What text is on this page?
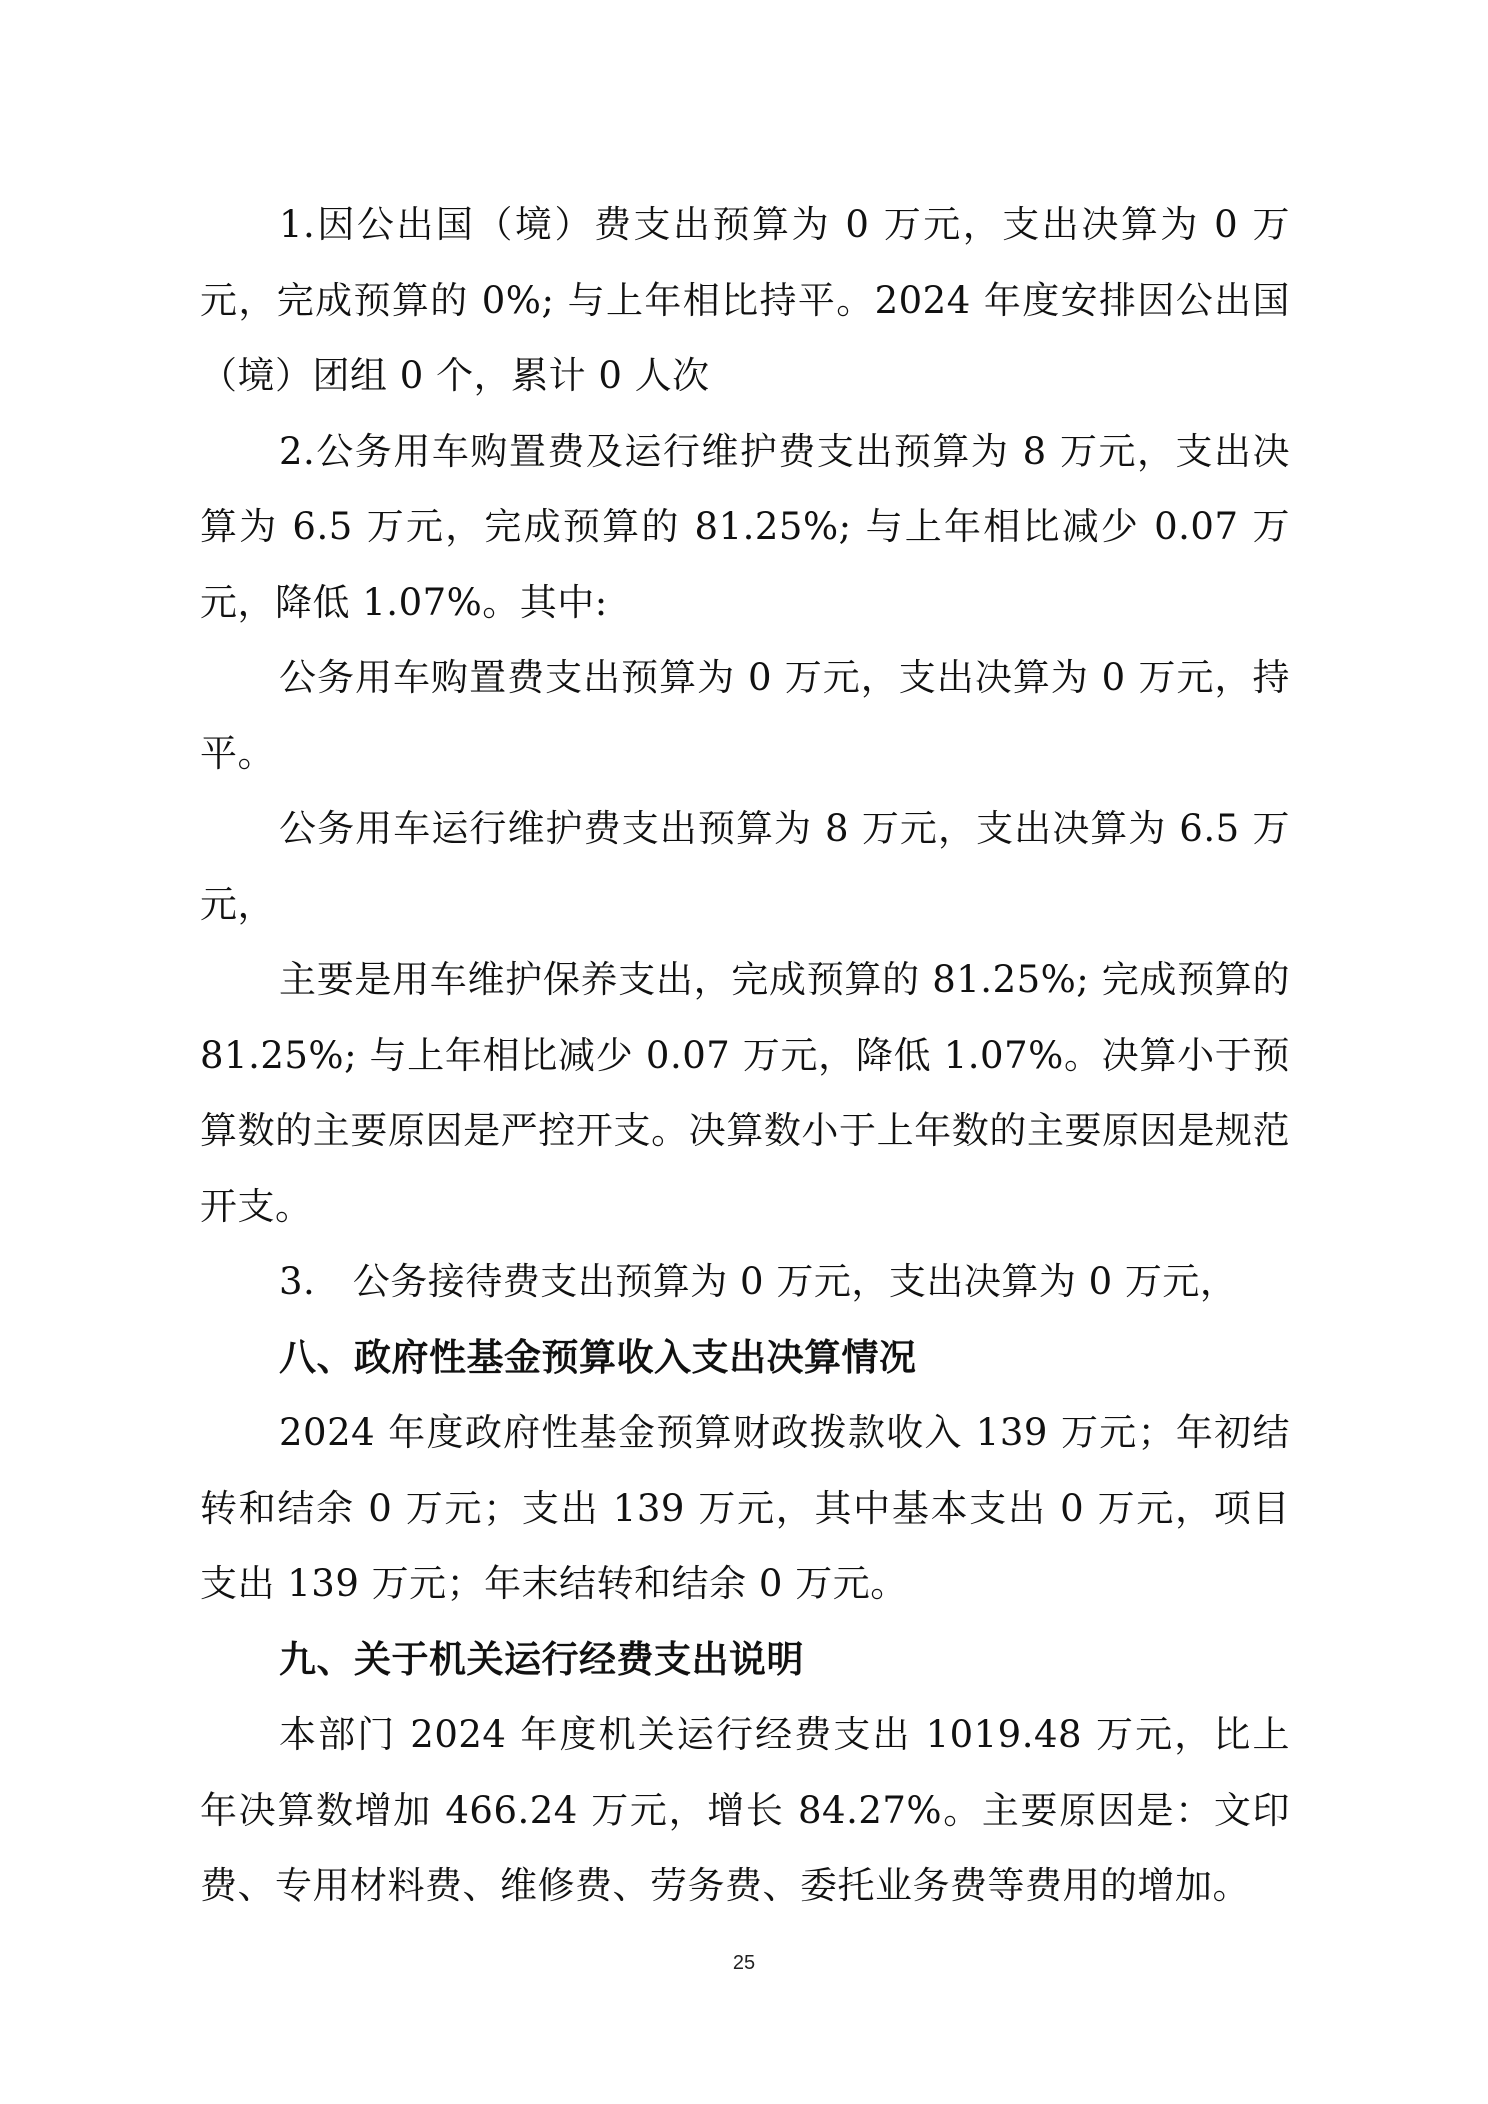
1.因公出国（境）费支出预算为 0 万元，支出决算为 0 万元，完成预算的 0%; 与上年相比持平。2024 年度安排因公出国（境）团组 0 个，累计 0 人次

2.公务用车购置费及运行维护费支出预算为 8 万元，支出决算为 6.5 万元，完成预算的 81.25%; 与上年相比减少 0.07 万元，降低 1.07%。其中:

公务用车购置费支出预算为 0 万元，支出决算为 0 万元，持平。

公务用车运行维护费支出预算为 8 万元，支出决算为 6.5 万元，

主要是用车维护保养支出，完成预算的 81.25%; 完成预算的 81.25%; 与上年相比减少 0.07 万元，降低 1.07%。决算小于预算数的主要原因是严控开支。决算数小于上年数的主要原因是规范开支。

3.　公务接待费支出预算为 0 万元，支出决算为 0 万元，

八、政府性基金预算收入支出决算情况

2024 年度政府性基金预算财政拨款收入 139 万元；年初结转和结余 0 万元；支出 139 万元，其中基本支出 0 万元，项目支出 139 万元；年末结转和结余 0 万元。

九、关于机关运行经费支出说明

本部门 2024 年度机关运行经费支出 1019.48 万元，比上年决算数增加 466.24 万元，增长 84.27%。主要原因是：文印费、专用材料费、维修费、劳务费、委托业务费等费用的增加。

25
